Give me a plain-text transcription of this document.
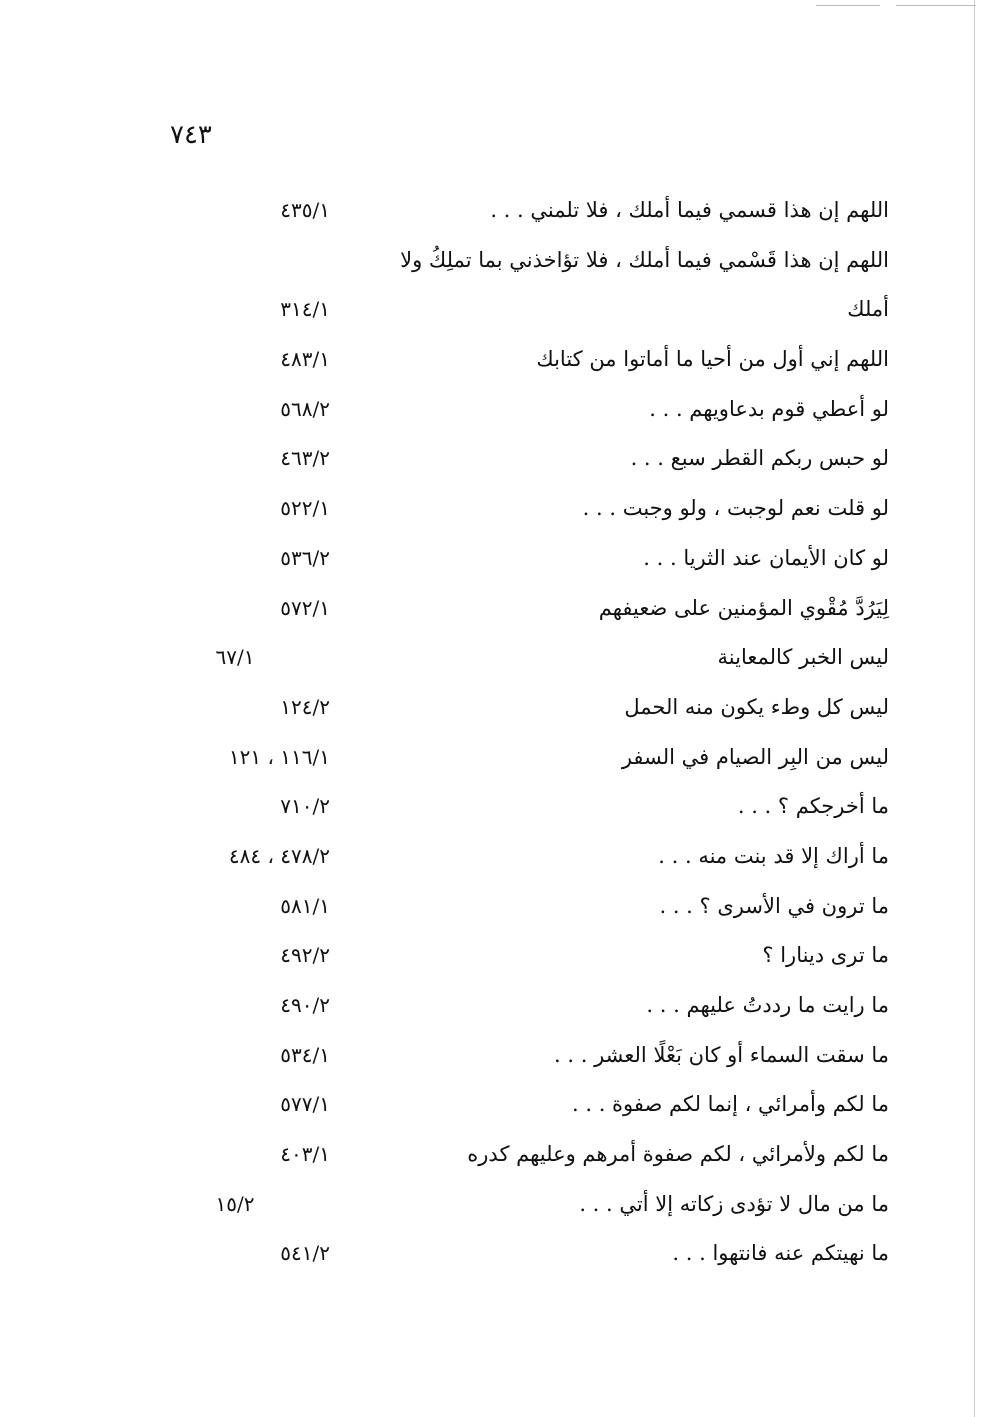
٧٤٣
اللهم إن هذا قسمي فيما أملك ، فلا تلمني . . .
٤٣٥/١
اللهم إن هذا قَسْمي فيما أملك ، فلا تؤاخذني بما تملِكُ ولا
أملك
٣١٤/١
اللهم إني أول من أحيا ما أماتوا من كتابك
٤٨٣/١
لو أعطي قوم بدعاويهم . . .
٥٦٨/٢
لو حبس ربكم القطر سبع . . .
٤٦٣/٢
لو قلت نعم لوجبت ، ولو وجبت . . .
٥٢٢/١
لو كان الأيمان عند الثريا . . .
٥٣٦/٢
لِيَرُدَّ مُقْوي المؤمنين على ضعيفهم
٥٧٢/١
ليس الخبر كالمعاينة
٦٧/١
ليس كل وطء يكون منه الحمل
١٢٤/٢
ليس من البِر الصيام في السفر
١١٦/١ ، ١٢١
ما أخرجكم ؟ . . .
٧١٠/٢
ما أراك إلا قد بنت منه . . .
٤٧٨/٢ ، ٤٨٤
ما ترون في الأسرى ؟ . . .
٥٨١/١
ما ترى دينارا ؟
٤٩٢/٢
ما رايت ما رددتُ عليهم . . .
٤٩٠/٢
ما سقت السماء أو كان بَعْلًا العشر . . .
٥٣٤/١
ما لكم وأمرائي ، إنما لكم صفوة . . .
٥٧٧/١
ما لكم ولأمرائي ، لكم صفوة أمرهم وعليهم كدره
٤٠٣/١
ما من مال لا تؤدى زكاته إلا أتي . . .
١٥/٢
ما نهيتكم عنه فانتهوا . . .
٥٤١/٢
